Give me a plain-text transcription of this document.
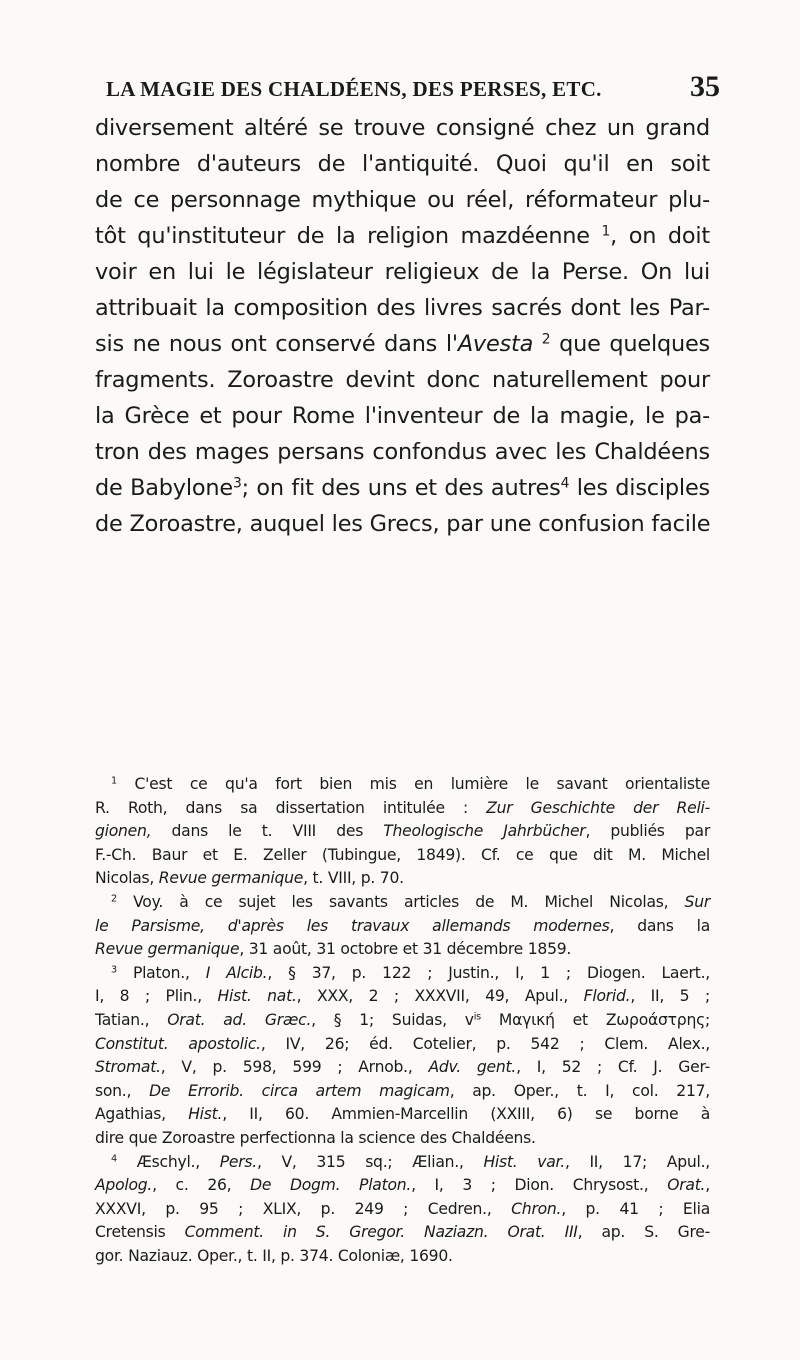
LA MAGIE DES CHALDÉENS, DES PERSES, ETC.	35
diversement altéré se trouve consigné chez un grand
nombre d'auteurs de l'antiquité. Quoi qu'il en soit
de ce personnage mythique ou réel, réformateur plu-
tôt qu'instituteur de la religion mazdéenne $^1$, on doit
voir en lui le législateur religieux de la Perse. On lui
attribuait la composition des livres sacrés dont les Par-
sis ne nous ont conservé dans l'Avesta $^2$ que quelques
fragments. Zoroastre devint donc naturellement pour
la Grèce et pour Rome l'inventeur de la magie, le pa-
tron des mages persans confondus avec les Chaldéens
de Babylone$^3$; on fit des uns et des autres$^4$ les disciples
de Zoroastre, auquel les Grecs, par une confusion facile
$^1$ C'est ce qu'a fort bien mis en lumière le savant orientaliste
R. Roth, dans sa dissertation intitulée : Zur Geschichte der Reli-
gionen, dans le t. VIII des Theologische Jahrbücher, publiés par
F.-Ch. Baur et E. Zeller (Tubingue, 1849). Cf. ce que dit M. Michel
Nicolas, Revue germanique, t. VIII, p. 70.
$^2$ Voy. à ce sujet les savants articles de M. Michel Nicolas, Sur
le Parsisme, d'après les travaux allemands modernes, dans la
Revue germanique, 31 août, 31 octobre et 31 décembre 1859.
$^3$ Platon., I Alcib., § 37, p. 122 ; Justin., I, 1 ; Diogen. Laert.,
I, 8 ; Plin., Hist. nat., XXX, 2 ; XXXVII, 49, Apul., Florid., II, 5 ;
Tatian., Orat. ad. Græc., § 1; Suidas, $v^{is}$ Μαγική et Ζωροάστρης;
Constitut. apostolic., IV, 26; éd. Cotelier, p. 542 ; Clem. Alex.,
Stromat., V, p. 598, 599 ; Arnob., Adv. gent., I, 52 ; Cf. J. Ger-
son., De Errorib. circa artem magicam, ap. Oper., t. I, col. 217,
Agathias, Hist., II, 60. Ammien-Marcellin (XXIII, 6) se borne à
dire que Zoroastre perfectionna la science des Chaldéens.
$^4$ Æschyl., Pers., V, 315 sq.; Ælian., Hist. var., II, 17; Apul.,
Apolog., c. 26, De Dogm. Platon., I, 3 ; Dion. Chrysost., Orat.,
XXXVI, p. 95 ; XLIX, p. 249 ; Cedren., Chron., p. 41 ; Elia
Cretensis Comment. in S. Gregor. Naziazn. Orat. III, ap. S. Gre-
gor. Naziauz. Oper., t. II, p. 374. Coloniæ, 1690.
